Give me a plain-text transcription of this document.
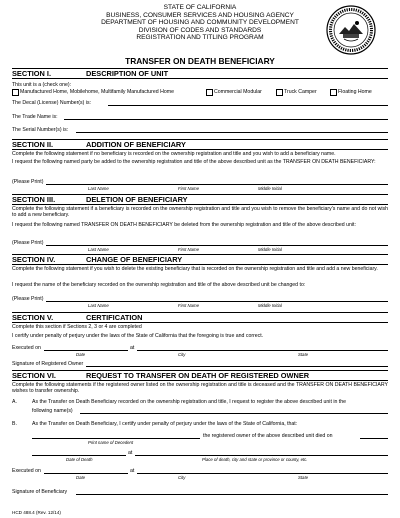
STATE OF CALIFORNIA
BUSINESS, CONSUMER SERVICES AND HOUSING AGENCY
DEPARTMENT OF HOUSING AND COMMUNITY DEVELOPMENT
DIVISION OF CODES AND STANDARDS
REGISTRATION AND TITLING PROGRAM
TRANSFER ON DEATH BENEFICIARY
SECTION I.	DESCRIPTION OF UNIT
This unit is a (check one):
Manufactured Home, Mobilehome, Multifamily Manufactured Home	Commercial Modular	Truck Camper	Floating Home
The Decal (License) Number(s) is:
The Trade Name is:
The Serial Number(s) is:
SECTION II.	ADDITION OF BENEFICIARY
Complete the following statement if no beneficiary is recorded on the ownership registration and title and you wish to add a beneficiary name.
I request the following named party be added to the ownership registration and title of the above described unit as the TRANSFER ON DEATH BENEFICIARY:
(Please Print)
Last Name	First Name	Middle Initial
SECTION III.	DELETION OF BENEFICIARY
Complete the following statement if a beneficiary is recorded on the ownership registration and title and you wish to remove the beneficiary's name and do not wish to add a new beneficiary.
I request the following named TRANSFER ON DEATH BENEFICIARY be deleted from the ownership registration and title of the above described unit:
(Please Print)
Last Name	First Name	Middle Initial
SECTION IV.	CHANGE OF BENEFICIARY
Complete the following statement if you wish to delete the existing beneficiary that is recorded on the ownership registration and title and add a new beneficiary.
I request the name of the beneficiary recorded on the ownership registration and title of the above described unit be changed to:
(Please Print)
Last Name	First Name	Middle Initial
SECTION V.	CERTIFICATION
Complete this section if Sections 2, 3 or 4 are completed
I certify under penalty of perjury under the laws of the State of California that the foregoing is true and correct.
Executed on	at
Date	City	State
Signature of Registered Owner
SECTION VI.	REQUEST TO TRANSFER ON DEATH OF REGISTERED OWNER
Complete the following statements if the registered owner listed on the ownership registration and title is deceased and the TRANSFER ON DEATH BENEFICIARY wishes to transfer ownership.
A.	As the Transfer on Death Beneficiary recorded on the ownership registration and title, I request to register the above described unit in the
following name(s)
B.	As the Transfer on Death Beneficiary, I certify under penalty of perjury under the laws of the State of California, that:
the registered owner of the above described unit died on
Print name of Decedent
at
Date of Death	Place of death, city and state or province or county, etc.
Executed on	at
Date	City	State
Signature of Beneficiary
HCD 488.4 (Rev. 12/14)
